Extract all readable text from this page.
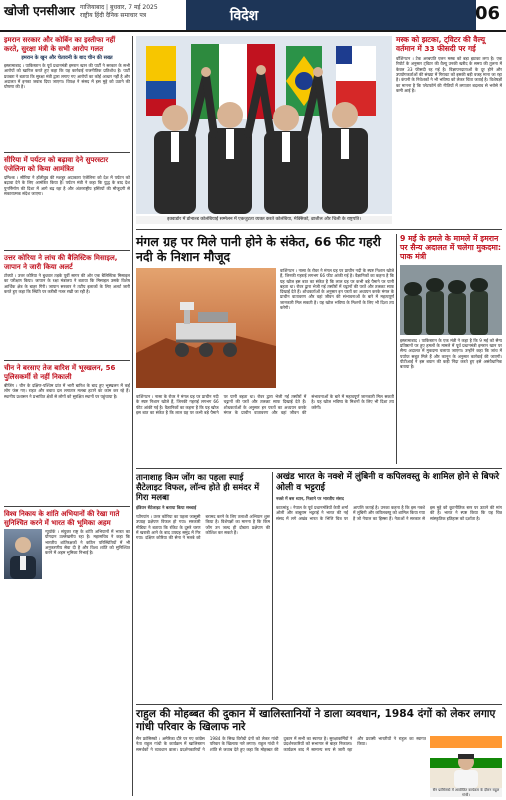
खोजी एनसीआर गाजियाबाद | बुधवार, 7 मई 2025
राष्ट्रीय हिंदी दैनिक समाचार पत्र	विदेश	06
इमरान सरकार और कोर्बिन का इस्तीफा नहीं करते, सुरक्षा मंत्री के सभी आरोप गलत
इमरान के खुन और चेतावनी के बाद चीन की सख्त
इस्लामाबाद । पाकिस्तान के पूर्व प्रधानमंत्री इमरान खान की पार्टी ने सरकार के सभी आरोपों को खारिज करते हुए कहा कि यह कार्रवाई राजनीतिक प्रतिशोध है। पार्टी प्रवक्ता ने बताया कि सुरक्षा मंत्री द्वारा लगाए गए आरोपों का कोई आधार नहीं है और अदालत में इनका जवाब दिया जाएगा। विपक्ष ने संसद में इस मुद्दे को उठाने की घोषणा की है।
सीरिया में पर्यटन को बढ़ावा देने सुपरस्टार एंजेलिना को किया आमंत्रित
दमिश्क । सीरिया ने हॉलीवुड की मशहूर अदाकारा एंजेलिना को देश में पर्यटन को बढ़ावा देने के लिए आमंत्रित किया है। पर्यटन मंत्री ने कहा कि युद्ध के बाद देश पुनर्निर्माण की दिशा में आगे बढ़ रहा है और अंतरराष्ट्रीय हस्तियों की मौजूदगी से सकारात्मक संदेश जाएगा।
उत्तर कोरिया ने लांच की बैलिस्टिक मिसाइल, जापान ने जारी किया अलर्ट
टोक्यो । उत्तर कोरिया ने बुधवार तड़के पूर्वी सागर की ओर एक बैलिस्टिक मिसाइल का परीक्षण किया। जापान के रक्षा मंत्रालय ने बताया कि मिसाइल उसके विशेष आर्थिक क्षेत्र के बाहर गिरी। जापान सरकार ने तटीय इलाकों के लिए अलर्ट जारी करते हुए कहा कि स्थिति पर करीबी नजर रखी जा रही है।
चीन ने बरसाए तेज बारिश में भूस्खलन, 56 पुलिसकर्मी से नहीं निकाली
बीजिंग । चीन के दक्षिण-पश्चिम प्रांत में भारी बारिश के बाद हुए भूस्खलन में कई लोग फंस गए। राहत और बचाव दल लगातार मलबा हटाने का काम कर रहे हैं। स्थानीय प्रशासन ने प्रभावित क्षेत्रों से लोगों को सुरक्षित स्थानों पर पहुंचाया है।
विश्व निकाय के शांति अभियानों की रेखा गाते सुनिश्चित करने में भारत की भूमिका अहम
न्यूयॉर्क । संयुक्त राष्ट्र के शांति अभियानों में भारत का योगदान उल्लेखनीय रहा है। महासचिव ने कहा कि भारतीय शांतिरक्षकों ने कठिन परिस्थितियों में भी अनुकरणीय सेवा दी है और विश्व शांति को सुनिश्चित करने में अहम भूमिका निभाई है।
इक्वाडोर में डोनाल्ड कोलंबियाई सम्मेलन में एकजुटता व्यक्त करते कोलंबिया, मेक्सिको, ब्राजील और चिली के राष्ट्रपति।
मस्क को झटका, ट्विटर की वैल्यू वर्तमान में 33 फीसदी पर गई
वॉशिंगटन । टेक अरबपति एलन मस्क को बड़ा झटका लगा है। एक रिपोर्ट के अनुसार ट्विटर की वैल्यू उनकी खरीद के समय की तुलना में केवल 33 फीसदी रह गई है। विज्ञापनदाताओं के दूर होने और उपयोगकर्ताओं की संख्या में गिरावट को इसकी बड़ी वजह माना जा रहा है। कंपनी के निवेशकों ने भी भविष्य को लेकर चिंता जताई है। विशेषज्ञों का मानना है कि प्लेटफॉर्म की नीतियों में लगातार बदलाव से भरोसे में कमी आई है।
मंगल ग्रह पर मिले पानी होने के संकेत, 66 फीट गहरी नदी के निशान मौजूद
वाशिंगटन । नासा के रोवर ने मंगल ग्रह पर प्राचीन नदी के स्पष्ट निशान खोजे हैं, जिनकी गहराई लगभग 66 फीट आंकी गई है। वैज्ञानिकों का कहना है कि यह खोज इस बात का संकेत है कि लाल ग्रह पर कभी बड़े पैमाने पर पानी बहता था। रोवर द्वारा भेजी गई तस्वीरों में चट्टानों की परतें और तलछट साफ दिखाई देते हैं। शोधकर्ताओं के अनुसार इन परतों का अध्ययन करके मंगल के प्राचीन वातावरण और वहां जीवन की संभावनाओं के बारे में महत्वपूर्ण जानकारी मिल सकती है। यह खोज भविष्य के मिशनों के लिए भी दिशा तय करेगी।
वाशिंगटन । नासा के रोवर ने मंगल ग्रह पर प्राचीन नदी के स्पष्ट निशान खोजे हैं, जिनकी गहराई लगभग 66 फीट आंकी गई है। वैज्ञानिकों का कहना है कि यह खोज इस बात का संकेत है कि लाल ग्रह पर कभी बड़े पैमाने पर पानी बहता था। रोवर द्वारा भेजी गई तस्वीरों में चट्टानों की परतें और तलछट साफ दिखाई देते हैं। शोधकर्ताओं के अनुसार इन परतों का अध्ययन करके मंगल के प्राचीन वातावरण और वहां जीवन की संभावनाओं के बारे में महत्वपूर्ण जानकारी मिल सकती है। यह खोज भविष्य के मिशनों के लिए भी दिशा तय करेगी।
9 मई के हमले के मामले में इमरान पर सैन्य अदालत में चलेगा मुकदमा: पाक मंत्री
इस्लामाबाद । पाकिस्तान के एक मंत्री ने कहा है कि 9 मई को सैन्य प्रतिष्ठानों पर हुए हमलों के मामले में पूर्व प्रधानमंत्री इमरान खान पर सैन्य अदालत में मुकदमा चलाया जाएगा। उन्होंने कहा कि जांच में पर्याप्त सबूत मिले हैं और कानून के अनुसार कार्रवाई की जाएगी। पीटीआई ने इस बयान की कड़ी निंदा करते हुए इसे असंवैधानिक बताया है।
तानाशाह किम जोंग का पहला स्पाई सैटेलाइट विफल, लॉन्च होते ही समंदर में गिरा मलबा
इंडियन सैटेलाइट ने बताया किया सच्चाई
प्योंगयांग । उत्तर कोरिया का पहला जासूसी उपग्रह प्रक्षेपण विफल हो गया। सरकारी मीडिया ने बताया कि रॉकेट के दूसरे चरण में खराबी आने के बाद उपग्रह समुद्र में गिर गया। दक्षिण कोरिया की सेना ने मलबे को बरामद करने के लिए तलाशी अभियान शुरू किया है। विशेषज्ञों का मानना है कि किम जोंग उन जल्द ही दोबारा प्रक्षेपण की कोशिश कर सकते हैं।
अखंड भारत के नक्शे में लुंबिनी व कपिलवस्तु के शामिल होने से बिफरे ओली व भट्टराई
नक्शे में बस ध्यान, निशाने पर भारतीय संसद
काठमांडू । नेपाल के पूर्व प्रधानमंत्रियों केपी शर्मा ओली और बाबूराम भट्टराई ने भारत की नई संसद में लगे अखंड भारत के भित्ति चित्र पर आपत्ति जताई है। उनका कहना है कि इस नक्शे में लुंबिनी और कपिलवस्तु को शामिल किया गया है जो नेपाल का हिस्सा हैं। नेताओं ने सरकार से इस मुद्दे को कूटनीतिक स्तर पर उठाने की मांग की है। भारत ने स्पष्ट किया कि यह चित्र सांस्कृतिक इतिहास को दर्शाता है।
राहुल की मोहब्बत की दुकान में खालिस्तानियों ने डाला व्यवधान, 1984 दंगों को लेकर लगाए गांधी परिवार के खिलाफ नारे
सैन फ्रांसिस्को । अमेरिका दौरे पर गए कांग्रेस नेता राहुल गांधी के कार्यक्रम में खालिस्तान समर्थकों ने व्यवधान डाला। प्रदर्शनकारियों ने 1984 के सिख विरोधी दंगों को लेकर गांधी परिवार के खिलाफ नारे लगाए। राहुल गांधी ने शांति से जवाब देते हुए कहा कि मोहब्बत की दुकान में सभी का स्वागत है। सुरक्षाकर्मियों ने प्रदर्शनकारियों को सभागार से बाहर निकाला। कार्यक्रम बाद में सामान्य रूप से जारी रहा और प्रवासी भारतीयों ने राहुल का स्वागत किया।
सैन फ्रांसिस्को में आयोजित कार्यक्रम के दौरान राहुल गांधी।
